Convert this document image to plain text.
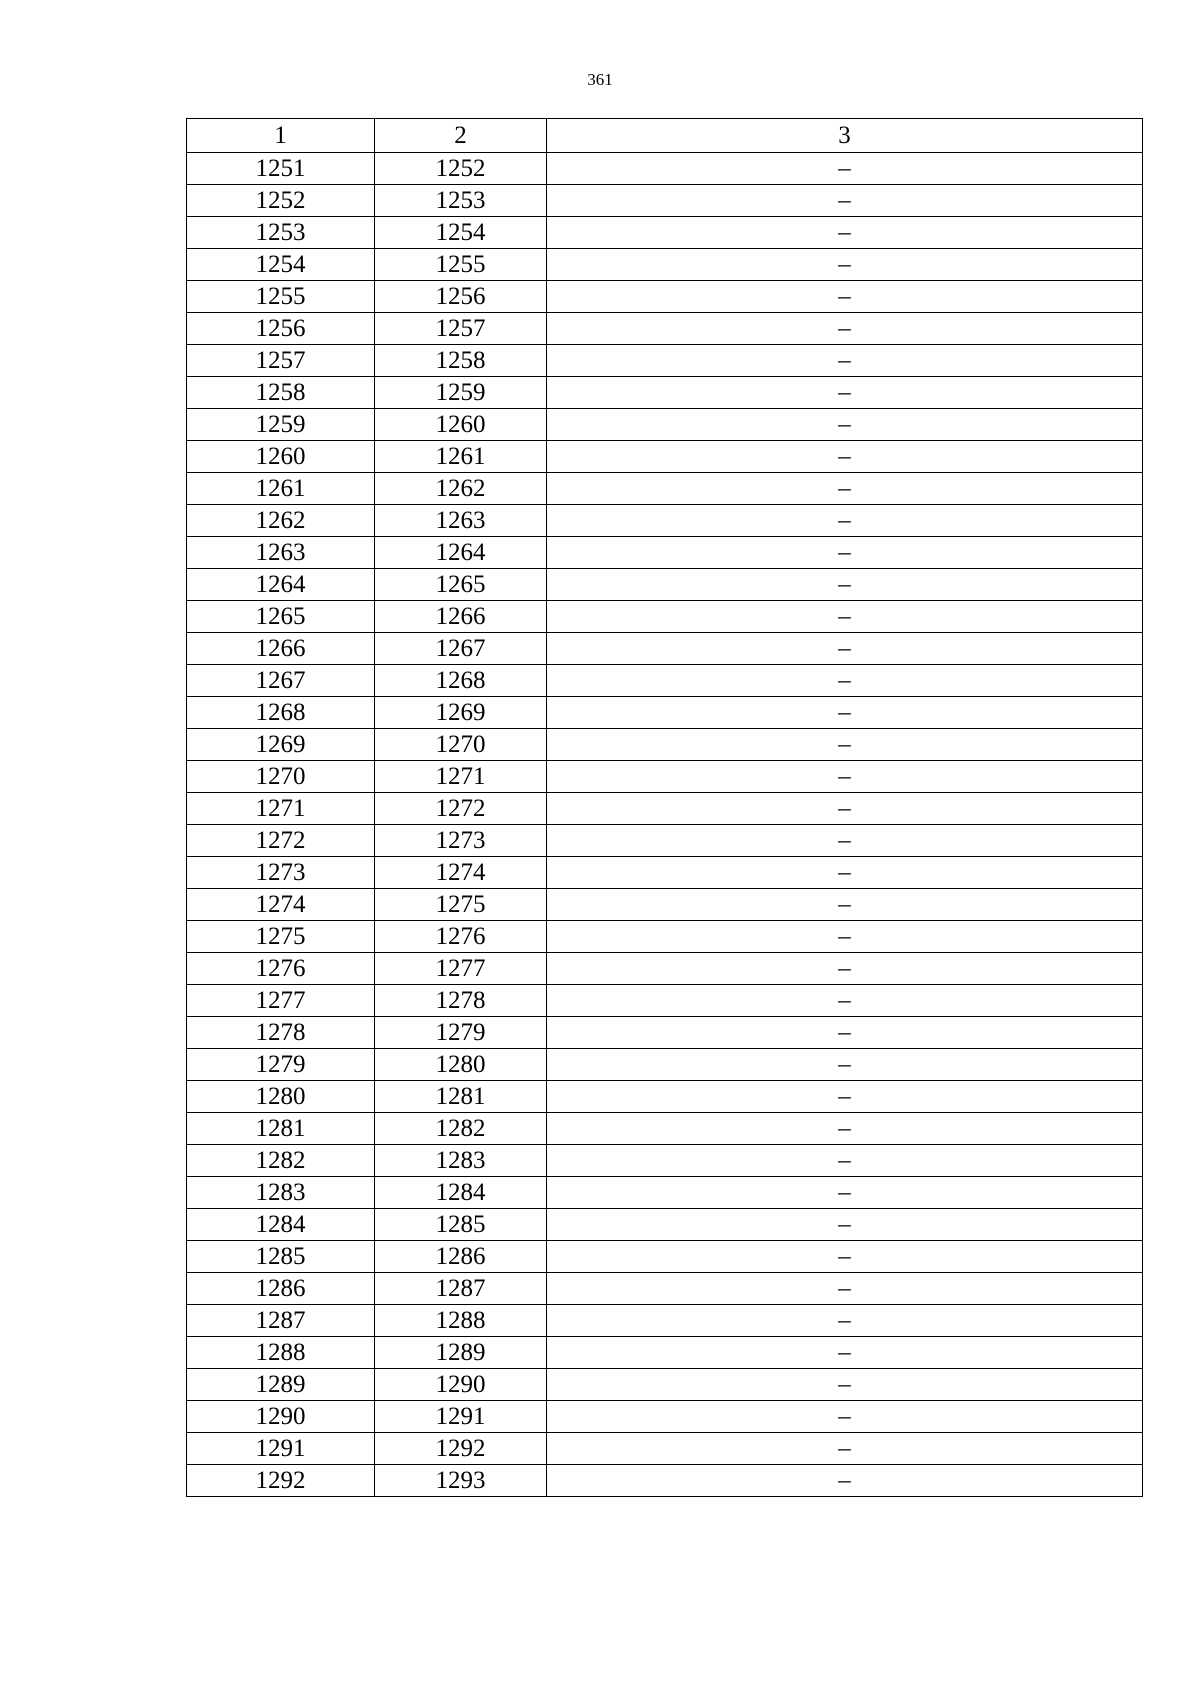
361
1	2	3
1251	1252	–
1252	1253	–
1253	1254	–
1254	1255	–
1255	1256	–
1256	1257	–
1257	1258	–
1258	1259	–
1259	1260	–
1260	1261	–
1261	1262	–
1262	1263	–
1263	1264	–
1264	1265	–
1265	1266	–
1266	1267	–
1267	1268	–
1268	1269	–
1269	1270	–
1270	1271	–
1271	1272	–
1272	1273	–
1273	1274	–
1274	1275	–
1275	1276	–
1276	1277	–
1277	1278	–
1278	1279	–
1279	1280	–
1280	1281	–
1281	1282	–
1282	1283	–
1283	1284	–
1284	1285	–
1285	1286	–
1286	1287	–
1287	1288	–
1288	1289	–
1289	1290	–
1290	1291	–
1291	1292	–
1292	1293	–
